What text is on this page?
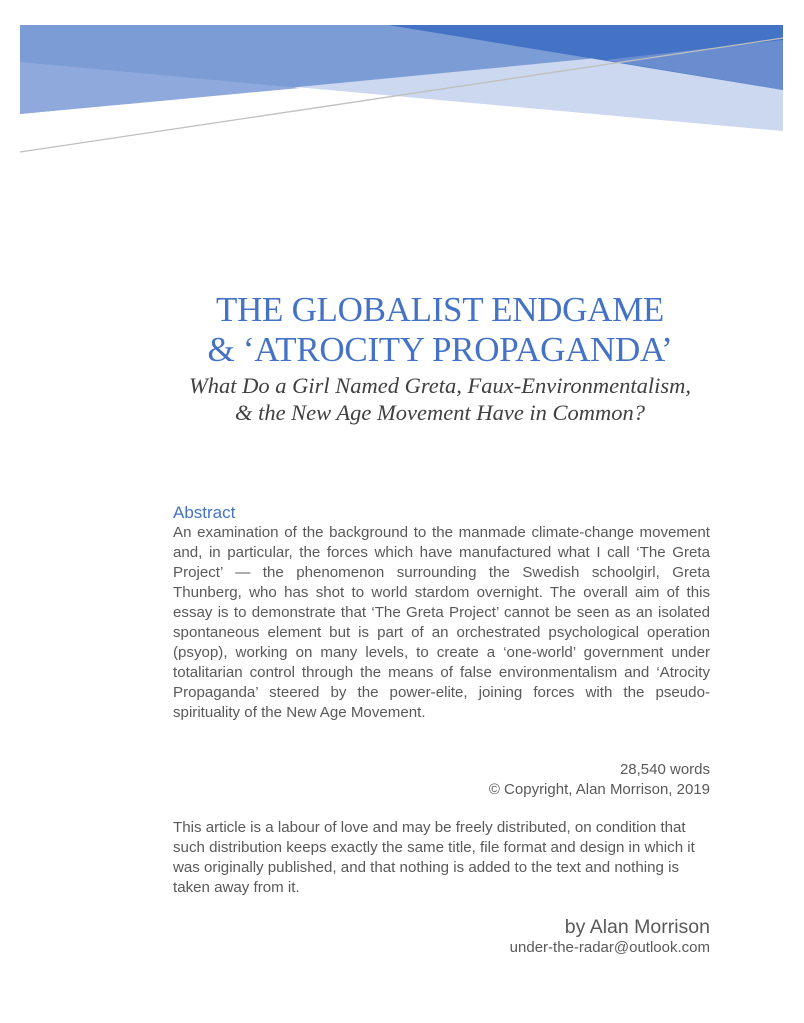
THE GLOBALIST ENDGAME
& ‘ATROCITY PROPAGANDA’

What Do a Girl Named Greta, Faux-Environmentalism,
& the New Age Movement Have in Common?

Abstract

An examination of the background to the manmade climate-change movement and, in particular, the forces which have manufactured what I call ‘The Greta Project’ — the phenomenon surrounding the Swedish schoolgirl, Greta Thunberg, who has shot to world stardom overnight. The overall aim of this essay is to demonstrate that ‘The Greta Project’ cannot be seen as an isolated spontaneous element but is part of an orchestrated psychological operation (psyop), working on many levels, to create a ‘one-world’ government under totalitarian control through the means of false environmentalism and ‘Atrocity Propaganda’ steered by the power-elite, joining forces with the pseudo-spirituality of the New Age Movement.

28,540 words
© Copyright, Alan Morrison, 2019

This article is a labour of love and may be freely distributed, on condition that such distribution keeps exactly the same title, file format and design in which it was originally published, and that nothing is added to the text and nothing is taken away from it.

by Alan Morrison
under-the-radar@outlook.com
